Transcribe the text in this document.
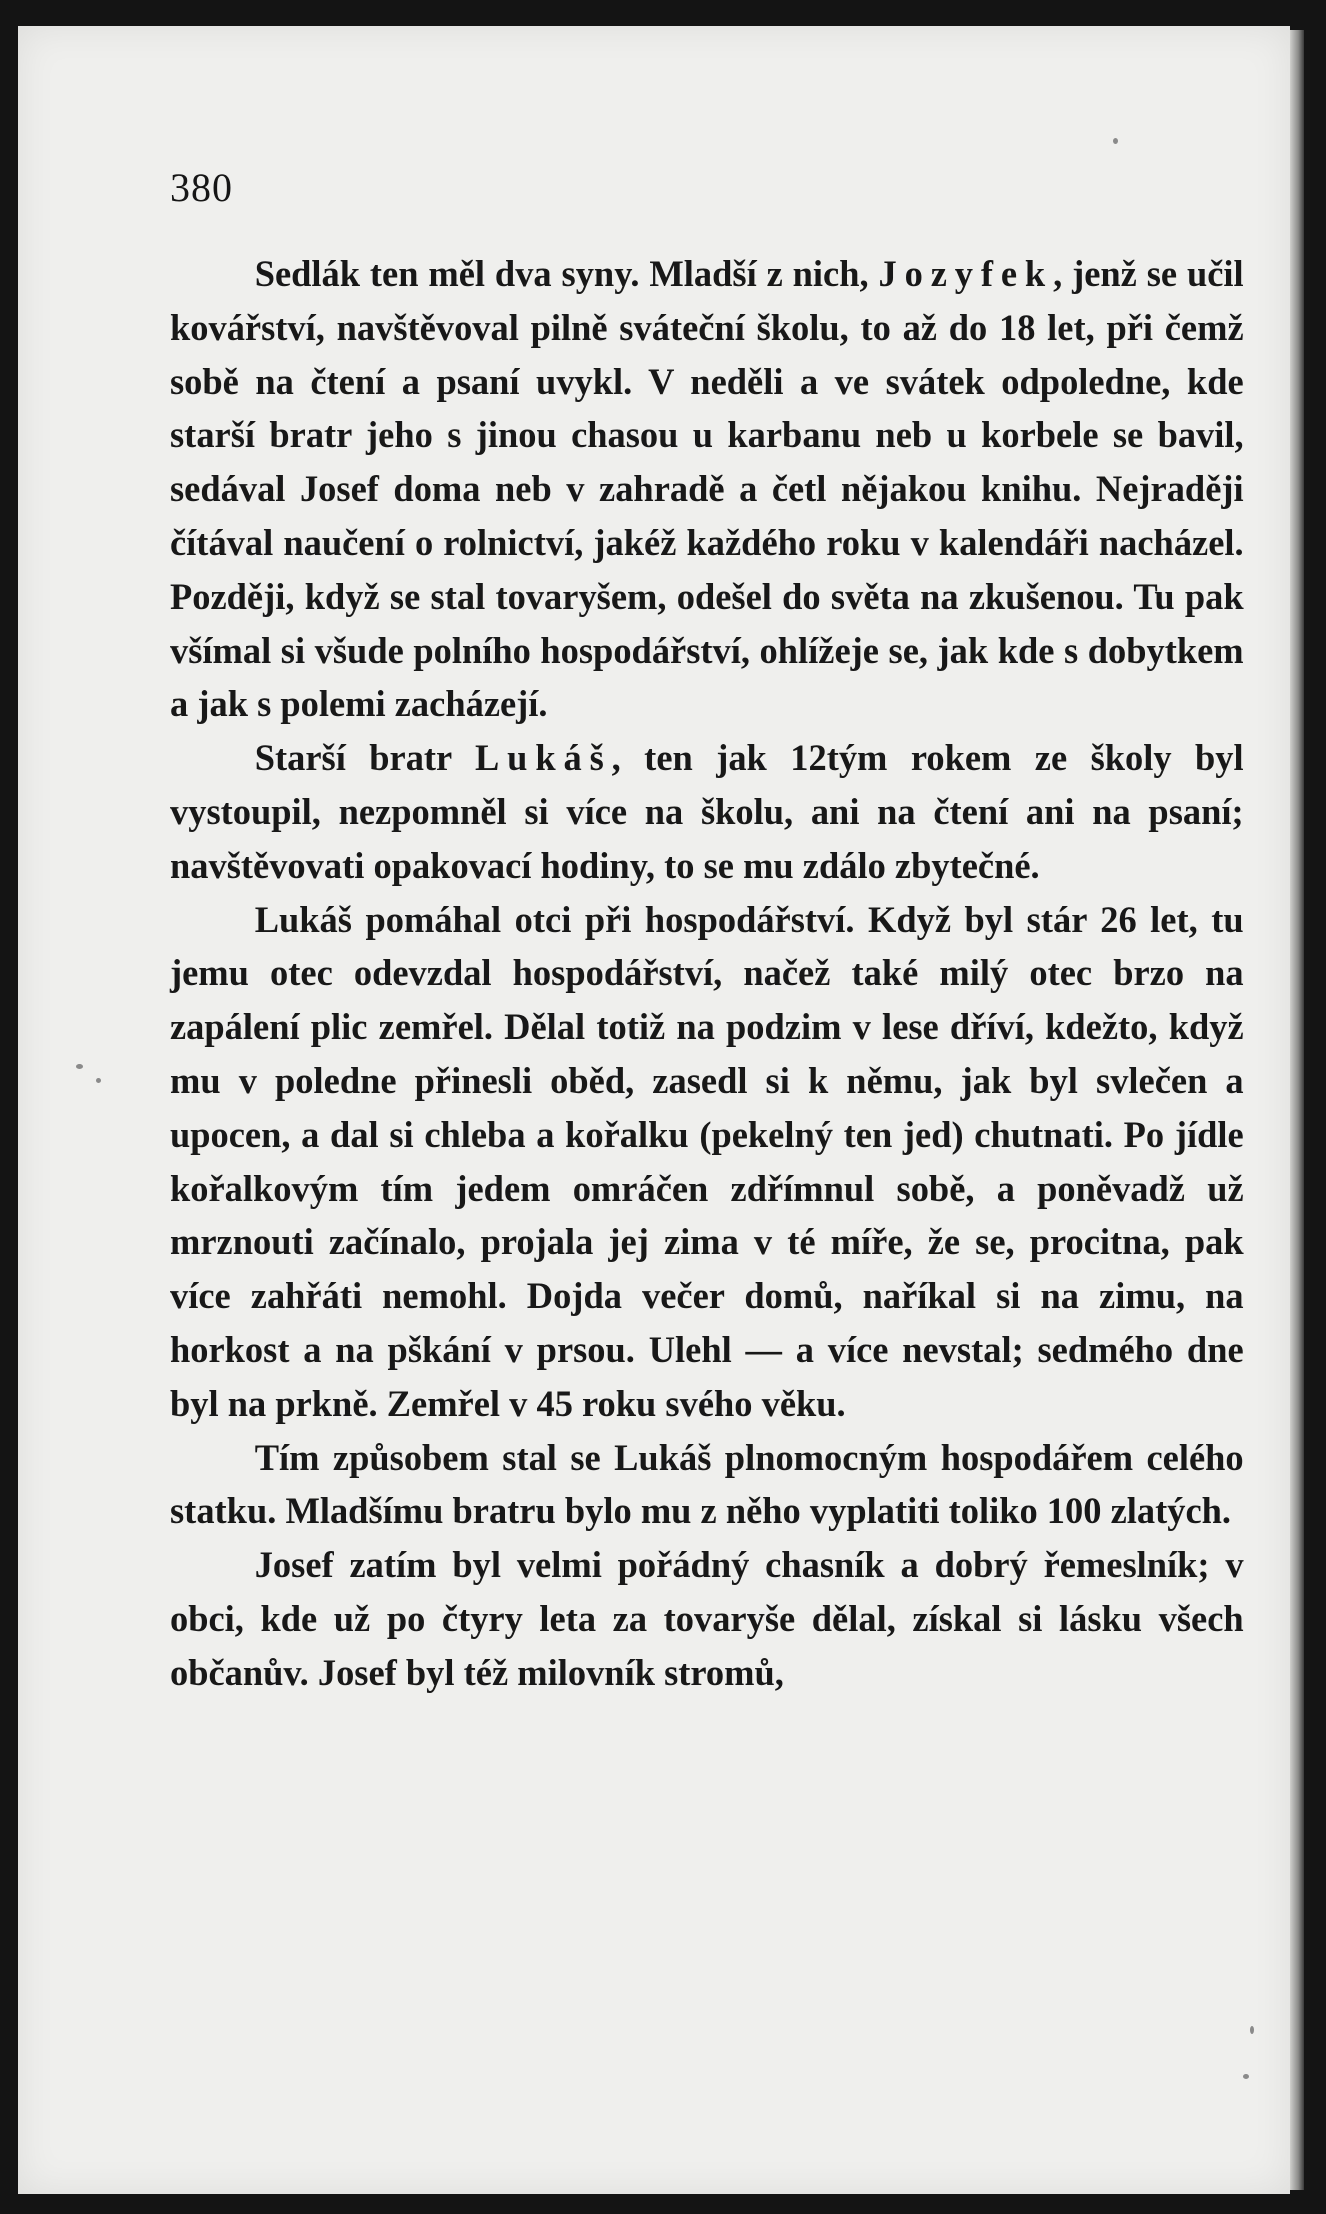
380

Sedlák ten měl dva syny. Mladší z nich, Jozyfek, jenž se učil kovářství, navštěvoval pilně sváteční školu, to až do 18 let, při čemž sobě na čtení a psaní uvykl. V neděli a ve svátek odpoledne, kde starší bratr jeho s jinou chasou u karbanu neb u korbele se bavil, sedával Josef doma neb v zahradě a četl nějakou knihu. Nejraději čítával naučení o rolnictví, jakéž každého roku v kalendáři nacházel. Později, když se stal tovaryšem, odešel do světa na zkušenou. Tu pak všímal si všude polního hospodářství, ohlížeje se, jak kde s dobytkem a jak s polemi zacházejí.

Starší bratr Lukáš, ten jak 12tým rokem ze školy byl vystoupil, nezpomněl si více na školu, ani na čtení ani na psaní; navštěvovati opakovací hodiny, to se mu zdálo zbytečné.

Lukáš pomáhal otci při hospodářství. Když byl stár 26 let, tu jemu otec odevzdal hospodářství, načež také milý otec brzo na zapálení plic zemřel. Dělal totiž na podzim v lese dříví, kdežto, když mu v poledne přinesli oběd, zasedl si k němu, jak byl svlečen a upocen, a dal si chleba a kořalku (pekelný ten jed) chutnati. Po jídle kořalkovým tím jedem omráčen zdřímnul sobě, a poněvadž už mrznouti začínalo, projala jej zima v té míře, že se, procitna, pak více zahřáti nemohl. Dojda večer domů, naříkal si na zimu, na horkost a na pškání v prsou. Ulehl — a více nevstal; sedmého dne byl na prkně. Zemřel v 45 roku svého věku.

Tím způsobem stal se Lukáš plnomocným hospodářem celého statku. Mladšímu bratru bylo mu z něho vyplatiti toliko 100 zlatých.

Josef zatím byl velmi pořádný chasník a dobrý řemeslník; v obci, kde už po čtyry leta za tovaryše dělal, získal si lásku všech občanův. Josef byl též milovník stromů,
